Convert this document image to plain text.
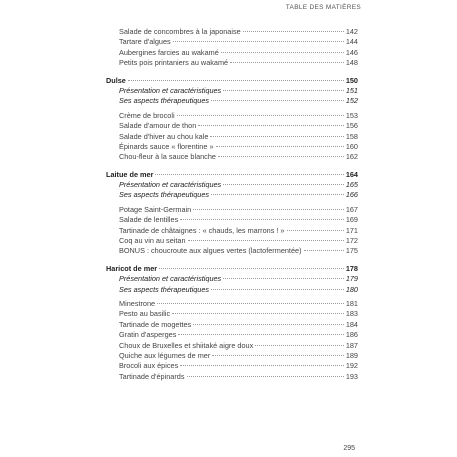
TABLE DES MATIÈRES
Salade de concombres à la japonaise	142
Tartare d'algues	144
Aubergines farcies au wakamé	146
Petits pois printaniers au wakamé	148
Dulse	150
Présentation et caractéristiques	151
Ses aspects thérapeutiques	152
Crème de brocoli	153
Salade d'amour de thon	156
Salade d'hiver au chou kale	158
Épinards sauce « florentine »	160
Chou-fleur à la sauce blanche	162
Laitue de mer	164
Présentation et caractéristiques	165
Ses aspects thérapeutiques	166
Potage Saint-Germain	167
Salade de lentilles	169
Tartinade de châtaignes : « chauds, les marrons ! »	171
Coq au vin au seitan	172
BONUS : choucroute aux algues vertes (lactofermentée)	175
Haricot de mer	178
Présentation et caractéristiques	179
Ses aspects thérapeutiques	180
Minestrone	181
Pesto au basilic	183
Tartinade de mogettes	184
Gratin d'asperges	186
Choux de Bruxelles et shiitaké aigre doux	187
Quiche aux légumes de mer	189
Brocoli aux épices	192
Tartinade d'épinards	193
295
